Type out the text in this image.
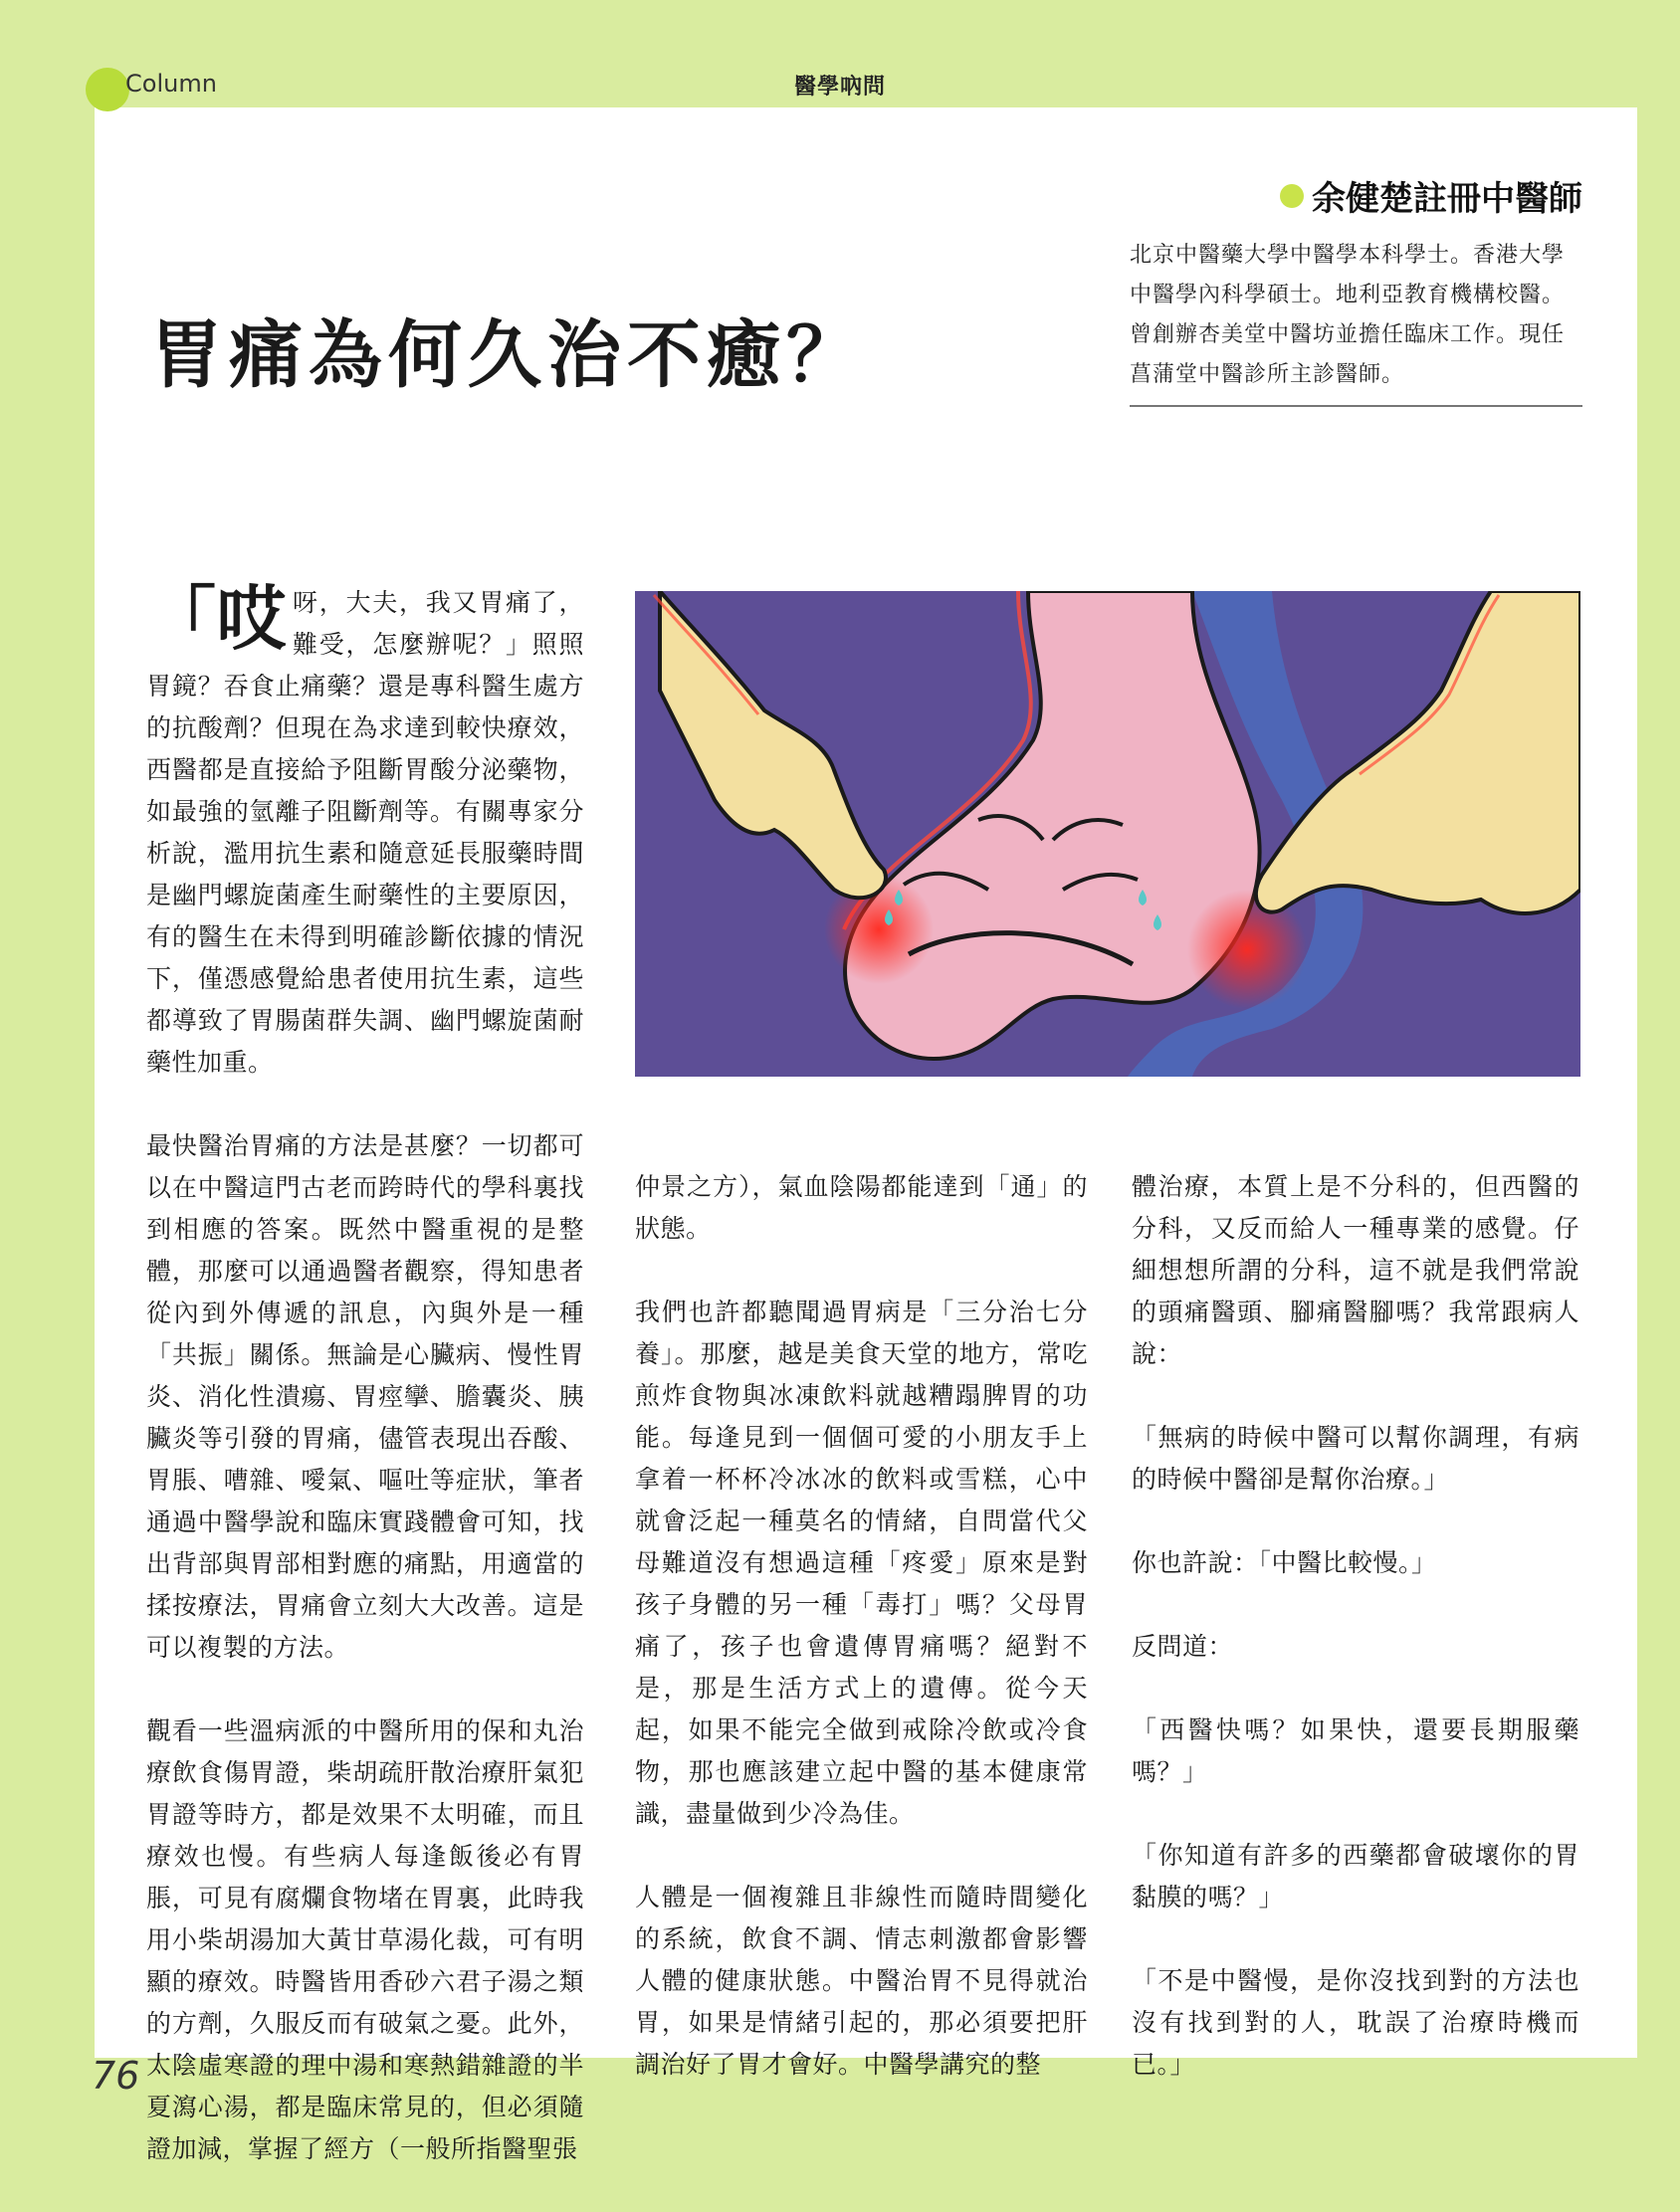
Column	醫學吶問
胃痛為何久治不癒？
余健楚註冊中醫師
北京中醫藥大學中醫學本科學士。香港大學中醫學內科學碩士。地利亞教育機構校醫。曾創辦杏美堂中醫坊並擔任臨床工作。現任菖蒲堂中醫診所主診醫師。

「哎呀，大夫，我又胃痛了，難受，怎麼辦呢？」照照胃鏡？吞食止痛藥？還是專科醫生處方的抗酸劑？但現在為求達到較快療效，西醫都是直接給予阻斷胃酸分泌藥物，如最強的氫離子阻斷劑等。有關專家分析說，濫用抗生素和隨意延長服藥時間是幽門螺旋菌產生耐藥性的主要原因，有的醫生在未得到明確診斷依據的情況下，僅憑感覺給患者使用抗生素，這些都導致了胃腸菌群失調、幽門螺旋菌耐藥性加重。

最快醫治胃痛的方法是甚麼？一切都可以在中醫這門古老而跨時代的學科裏找到相應的答案。既然中醫重視的是整體，那麼可以通過醫者觀察，得知患者從內到外傳遞的訊息，內與外是一種「共振」關係。無論是心臟病、慢性胃炎、消化性潰瘍、胃痙攣、膽囊炎、胰臟炎等引發的胃痛，儘管表現出吞酸、胃脹、嘈雜、噯氣、嘔吐等症狀，筆者通過中醫學說和臨床實踐體會可知，找出背部與胃部相對應的痛點，用適當的揉按療法，胃痛會立刻大大改善。這是可以複製的方法。

觀看一些溫病派的中醫所用的保和丸治療飲食傷胃證，柴胡疏肝散治療肝氣犯胃證等時方，都是效果不太明確，而且療效也慢。有些病人每逢飯後必有胃脹，可見有腐爛食物堵在胃裏，此時我用小柴胡湯加大黃甘草湯化裁，可有明顯的療效。時醫皆用香砂六君子湯之類的方劑，久服反而有破氣之憂。此外，太陰虛寒證的理中湯和寒熱錯雜證的半夏瀉心湯，都是臨床常見的，但必須隨證加減，掌握了經方（一般所指醫聖張

仲景之方），氣血陰陽都能達到「通」的狀態。

我們也許都聽聞過胃病是「三分治七分養」。那麼，越是美食天堂的地方，常吃煎炸食物與冰凍飲料就越糟蹋脾胃的功能。每逢見到一個個可愛的小朋友手上拿着一杯杯冷冰冰的飲料或雪糕，心中就會泛起一種莫名的情緒，自問當代父母難道沒有想過這種「疼愛」原來是對孩子身體的另一種「毒打」嗎？父母胃痛了，孩子也會遺傳胃痛嗎？絕對不是，那是生活方式上的遺傳。從今天起，如果不能完全做到戒除冷飲或冷食物，那也應該建立起中醫的基本健康常識，盡量做到少冷為佳。

人體是一個複雜且非線性而隨時間變化的系統，飲食不調、情志刺激都會影響人體的健康狀態。中醫治胃不見得就治胃，如果是情緒引起的，那必須要把肝調治好了胃才會好。中醫學講究的整

體治療，本質上是不分科的，但西醫的分科，又反而給人一種專業的感覺。仔細想想所謂的分科，這不就是我們常說的頭痛醫頭、腳痛醫腳嗎？我常跟病人說：

「無病的時候中醫可以幫你調理，有病的時候中醫卻是幫你治療。」

你也許說：「中醫比較慢。」

反問道：

「西醫快嗎？如果快，還要長期服藥嗎？」

「你知道有許多的西藥都會破壞你的胃黏膜的嗎？」

「不是中醫慢，是你沒找到對的方法也沒有找到對的人，耽誤了治療時機而已。」

76
